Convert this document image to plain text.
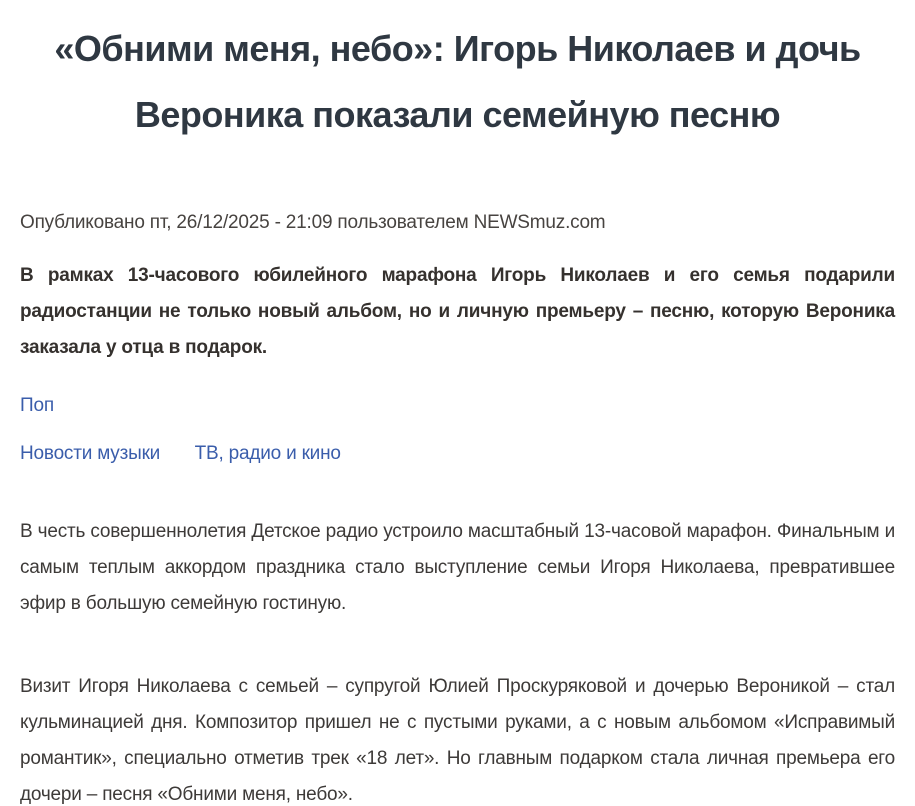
«Обними меня, небо»: Игорь Николаев и дочь
Вероника показали семейную песню
Опубликовано пт, 26/12/2025 - 21:09 пользователем NEWSmuz.com

В рамках 13-часового юбилейного марафона Игорь Николаев и его семья подарили радиостанции не только новый альбом, но и личную премьеру – песню, которую Вероника заказала у отца в подарок.

Поп
Новости музыки ТВ, радио и кино

В честь совершеннолетия Детское радио устроило масштабный 13-часовой марафон. Финальным и самым теплым аккордом праздника стало выступление семьи Игоря Николаева, превратившее эфир в большую семейную гостиную.

Визит Игоря Николаева с семьей – супругой Юлией Проскуряковой и дочерью Вероникой – стал кульминацией дня. Композитор пришел не с пустыми руками, а с новым альбомом «Исправимый романтик», специально отметив трек «18 лет». Но главным подарком стала личная премьера его дочери – песня «Обними меня, небо».
